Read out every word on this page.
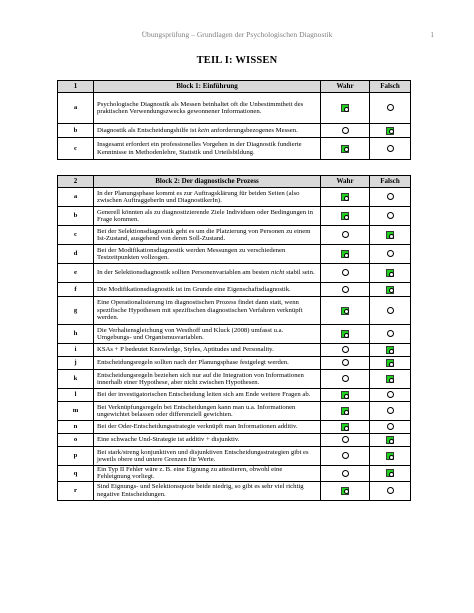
Übungsprüfung – Grundlagen der Psychologischen Diagnostik	1
TEIL I: WISSEN
1	Block 1: Einführung	Wahr	Falsch
a	Psychologische Diagnostik als Messen beinhaltet oft die Unbestimmtheit des praktischen Verwendungszwecks gewonnener Informationen.		
b	Diagnostik als Entscheidungshilfe ist kein anforderungsbezogenes Messen.		
c	Insgesamt erfordert ein professionelles Vorgehen in der Diagnostik fundierte Kenntnisse in Methodenlehre, Statistik und Urteilsbildung.		
2	Block 2: Der diagnostische Prozess	Wahr	Falsch
a	In der Planungsphase kommt es zur Auftragsklärung für beiden Seiten (also zwischen AuftraggeberIn und DiagnostikerIn).		
b	Generell könnten als zu diagnostizierende Ziele Individuen oder Bedingungen in Frage kommen.		
c	Bei der Selektionsdiagnostik geht es um die Platzierung von Personen zu einem Ist-Zustand, ausgehend von deren Soll-Zustand.		
d	Bei der Modifikationsdiagnostik werden Messungen zu verschiedenen Testzeitpunkten vollzogen.		
e	In der Selektionsdiagnostik sollten Personenvariablen am besten nicht stabil sein.		
f	Die Modifikationsdiagnostik ist im Grunde eine Eigenschaftsdiagnostik.		
g	Eine Operationalisierung im diagnostischen Prozess findet dann statt, wenn spezifische Hypothesen mit spezifischen diagnostischen Verfahren verknüpft werden.		
h	Die Verhaltensgleichung von Westhoff und Kluck (2008) umfasst u.a. Umgebungs- und Organismusvariablen.		
i	KSAs + P bedeutet Knowledge, Styles, Aptitudes und Personality.		
j	Entscheidungsregeln sollten nach der Planungsphase festgelegt werden.		
k	Entscheidungsregeln beziehen sich nur auf die Integration von Informationen innerhalb einer Hypothese, aber nicht zwischen Hypothesen.		
l	Bei der investigatorischen Entscheidung leiten sich am Ende weitere Fragen ab.		
m	Bei Verknüpfungsregeln bei Entscheidungen kann man u.a. Informationen ungewichtet belassen oder differenziell gewichten.		
n	Bei der Oder-Entscheidungsstrategie verknüpft man Informationen additiv.		
o	Eine schwache Und-Strategie ist additiv + disjunktiv.		
p	Bei stark/streng konjunktiven und disjunktiven Entscheidungsstrategien gibt es jeweils obere und untere Grenzen für Werte.		
q	Ein Typ II Fehler wäre z. B. eine Eignung zu attestieren, obwohl eine Fehleignung vorliegt.		
r	Sind Eignungs- und Selektionsquote beide niedrig, so gibt es sehr viel richtig negative Entscheidungen.		
